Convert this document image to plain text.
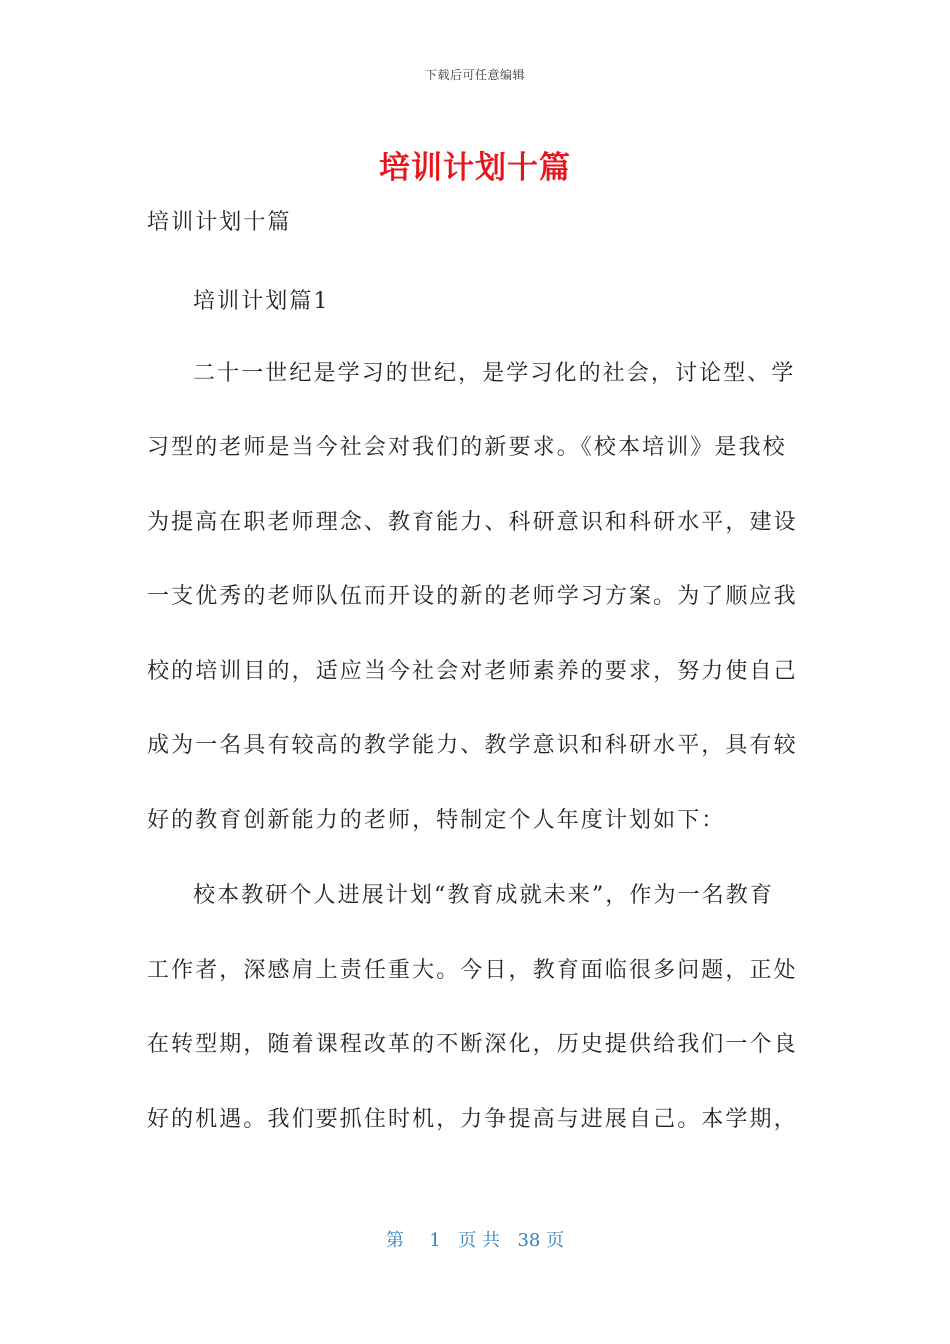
下载后可任意编辑
培训计划十篇
培训计划十篇
培训计划篇1
二十一世纪是学习的世纪，是学习化的社会，讨论型、学
习型的老师是当今社会对我们的新要求。《校本培训》是我校
为提高在职老师理念、教育能力、科研意识和科研水平，建设
一支优秀的老师队伍而开设的新的老师学习方案。为了顺应我
校的培训目的，适应当今社会对老师素养的要求，努力使自己
成为一名具有较高的教学能力、教学意识和科研水平，具有较
好的教育创新能力的老师，特制定个人年度计划如下：
校本教研个人进展计划“教育成就未来”，作为一名教育
工作者，深感肩上责任重大。今日，教育面临很多问题，正处
在转型期，随着课程改革的不断深化，历史提供给我们一个良
好的机遇。我们要抓住时机，力争提高与进展自己。本学期，
第 1 页 共 38 页
